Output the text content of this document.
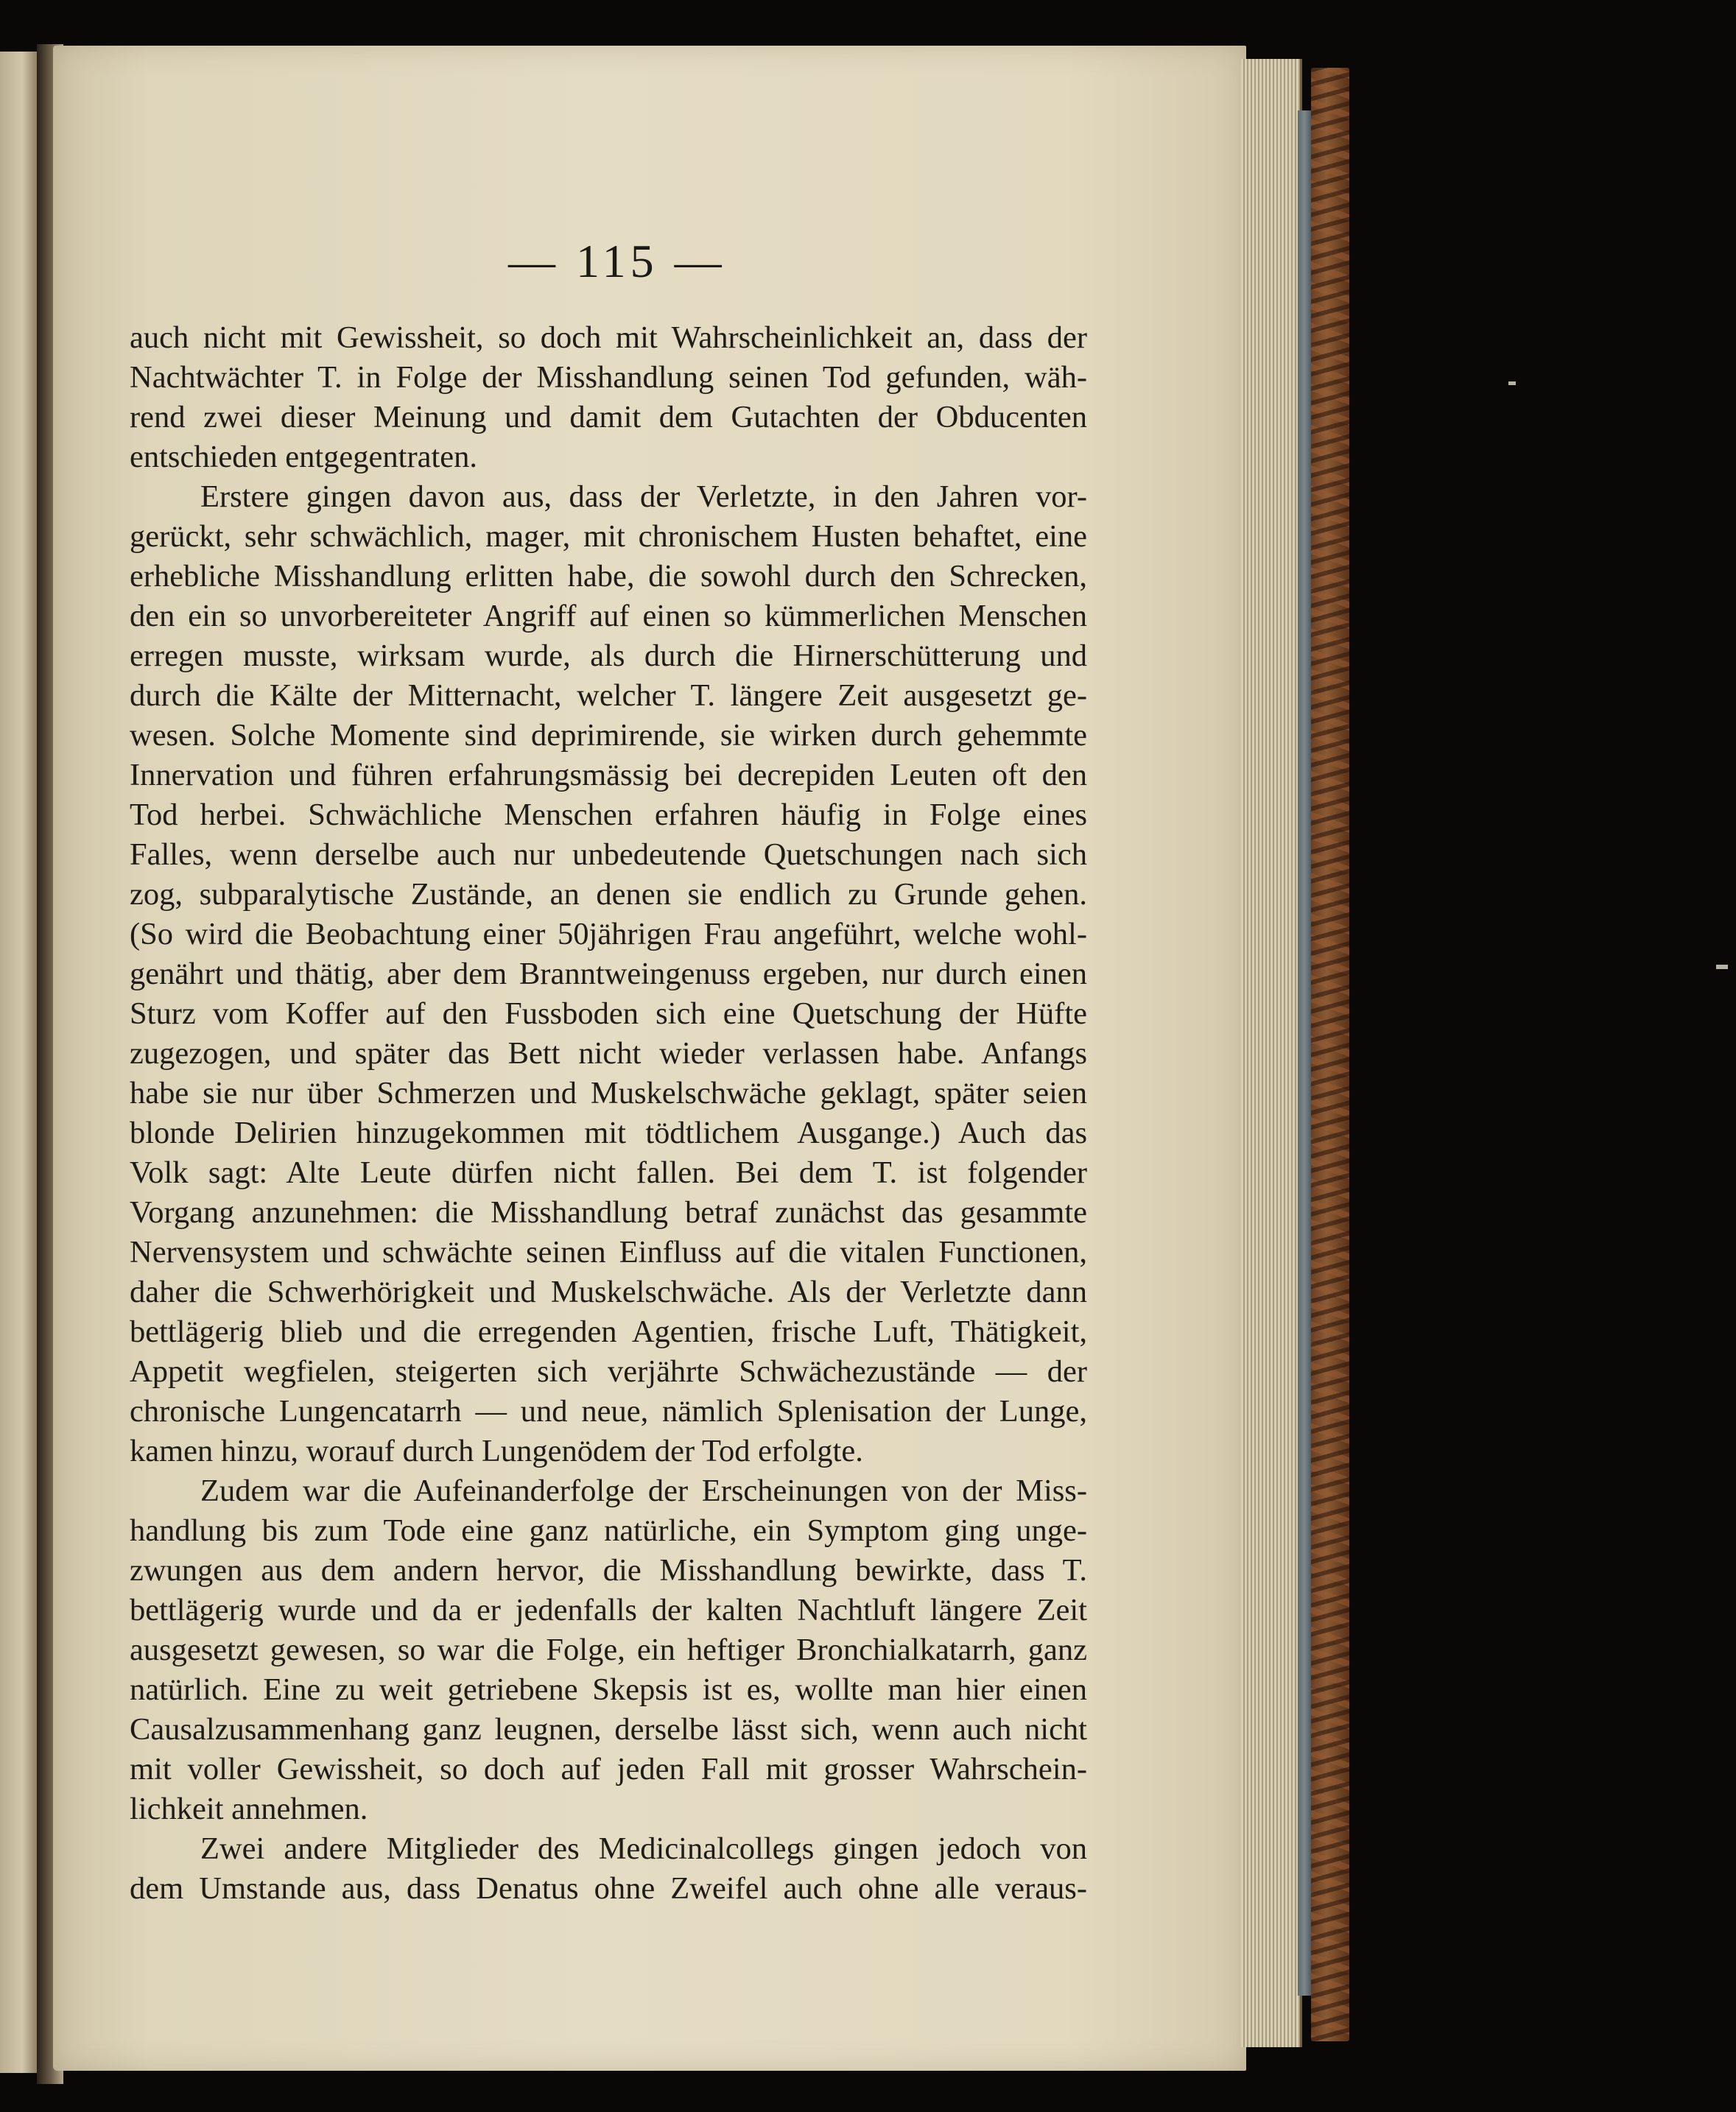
— 115 —
auch nicht mit Gewissheit, so doch mit Wahrscheinlichkeit an, dass der
Nachtwächter T. in Folge der Misshandlung seinen Tod gefunden, wäh-
rend zwei dieser Meinung und damit dem Gutachten der Obducenten
entschieden entgegentraten.
Erstere gingen davon aus, dass der Verletzte, in den Jahren vor-
gerückt, sehr schwächlich, mager, mit chronischem Husten behaftet, eine
erhebliche Misshandlung erlitten habe, die sowohl durch den Schrecken,
den ein so unvorbereiteter Angriff auf einen so kümmerlichen Menschen
erregen musste, wirksam wurde, als durch die Hirnerschütterung und
durch die Kälte der Mitternacht, welcher T. längere Zeit ausgesetzt ge-
wesen. Solche Momente sind deprimirende, sie wirken durch gehemmte
Innervation und führen erfahrungsmässig bei decrepiden Leuten oft den
Tod herbei. Schwächliche Menschen erfahren häufig in Folge eines
Falles, wenn derselbe auch nur unbedeutende Quetschungen nach sich
zog, subparalytische Zustände, an denen sie endlich zu Grunde gehen.
(So wird die Beobachtung einer 50jährigen Frau angeführt, welche wohl-
genährt und thätig, aber dem Branntweingenuss ergeben, nur durch einen
Sturz vom Koffer auf den Fussboden sich eine Quetschung der Hüfte
zugezogen, und später das Bett nicht wieder verlassen habe. Anfangs
habe sie nur über Schmerzen und Muskelschwäche geklagt, später seien
blonde Delirien hinzugekommen mit tödtlichem Ausgange.) Auch das
Volk sagt: Alte Leute dürfen nicht fallen. Bei dem T. ist folgender
Vorgang anzunehmen: die Misshandlung betraf zunächst das gesammte
Nervensystem und schwächte seinen Einfluss auf die vitalen Functionen,
daher die Schwerhörigkeit und Muskelschwäche. Als der Verletzte dann
bettlägerig blieb und die erregenden Agentien, frische Luft, Thätigkeit,
Appetit wegfielen, steigerten sich verjährte Schwächezustände — der
chronische Lungencatarrh — und neue, nämlich Splenisation der Lunge,
kamen hinzu, worauf durch Lungenödem der Tod erfolgte.
Zudem war die Aufeinanderfolge der Erscheinungen von der Miss-
handlung bis zum Tode eine ganz natürliche, ein Symptom ging unge-
zwungen aus dem andern hervor, die Misshandlung bewirkte, dass T.
bettlägerig wurde und da er jedenfalls der kalten Nachtluft längere Zeit
ausgesetzt gewesen, so war die Folge, ein heftiger Bronchialkatarrh, ganz
natürlich. Eine zu weit getriebene Skepsis ist es, wollte man hier einen
Causalzusammenhang ganz leugnen, derselbe lässt sich, wenn auch nicht
mit voller Gewissheit, so doch auf jeden Fall mit grosser Wahrschein-
lichkeit annehmen.
Zwei andere Mitglieder des Medicinalcollegs gingen jedoch von
dem Umstande aus, dass Denatus ohne Zweifel auch ohne alle veraus-
